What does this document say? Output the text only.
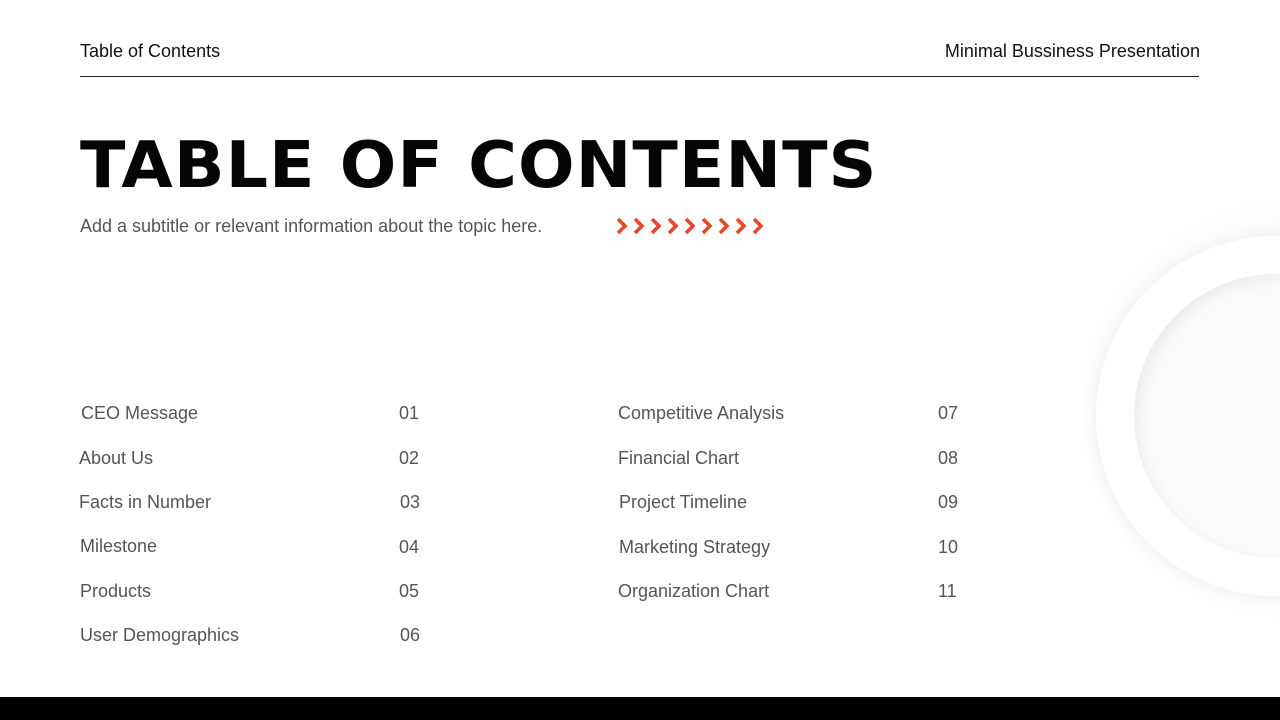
Table of Contents	Minimal Bussiness Presentation
TABLE OF CONTENTS
Add a subtitle or relevant information about the topic here.
CEO Message	01
About Us	02
Facts in Number	03
Milestone	04
Products	05
User Demographics	06
Competitive Analysis	07
Financial Chart	08
Project Timeline	09
Marketing Strategy	10
Organization Chart	11
